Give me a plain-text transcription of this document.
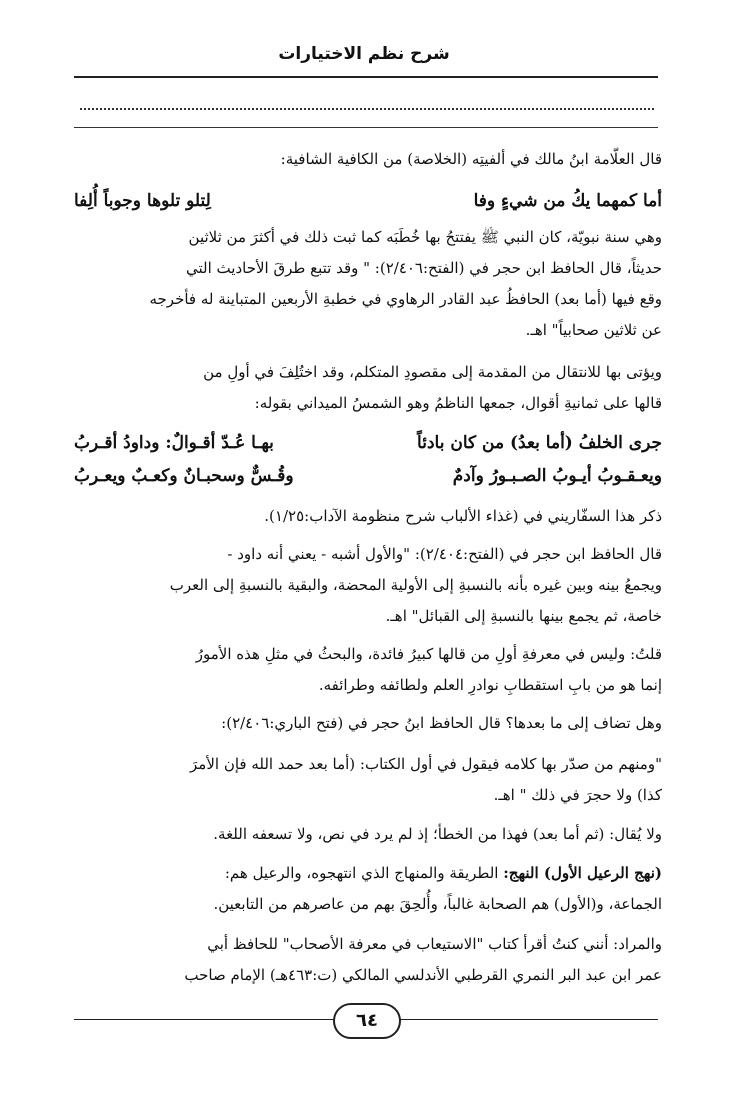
شرح نظم الاختيارات
قال العلّامة ابنُ مالك في ألفيتِه (الخلاصة) من الكافية الشافية:
أما كمهما يكُ من شيءٍ وفا
لِتلو تلوها وجوباً أُلِفا
وهي سنة نبويّة، كان النبي ﷺ يفتتحُ بها خُطَبَه كما ثبت ذلك في أكثرَ من ثلاثين
حديثاً، قال الحافظ ابن حجر في (الفتح:٢/٤٠٦): " وقد تتبع طرقَ الأحاديث التي
وقع فيها (أما بعد) الحافظُ عبد القادر الرهاوي في خطبةِ الأربعين المتباينة له فأخرجه
عن ثلاثين صحابياً" اهـ.
ويؤتى بها للانتقال من المقدمة إلى مقصودِ المتكلم، وقد اختُلِفَ في أولِ من
قالها على ثمانيةِ أقوال، جمعها الناظمُ وهو الشمسُ الميداني بقوله:
جرى الخلفُ (أما بعدُ) من كان بادئاً
بهـا عُـدّ أقـوالٌ: وداودُ أقـربُ
ويعـقـوبُ أيـوبُ الصـبـورُ وآدمٌ
وقُـسٌّ وسحبـانٌ وكعـبٌ ويعـربُ
ذكر هذا السفّاريني في (غذاء الألباب شرح منظومة الآداب:١/٢٥).
قال الحافظ ابن حجر في (الفتح:٢/٤٠٤): "والأول أشبه - يعني أنه داود -
ويجمعُ بينه وبين غيره بأنه بالنسبةِ إلى الأولية المحضة، والبقية بالنسبةِ إلى العرب
خاصة، ثم يجمع بينها بالنسبةِ إلى القبائل" اهـ.
قلتُ: وليس في معرفةِ أولِ من قالها كبيرُ فائدة، والبحثُ في مثلِ هذه الأمورُ
إنما هو من بابِ استقطابِ نوادرِ العلم ولطائفه وطرائفه.
وهل تضاف إلى ما بعدها؟ قال الحافظ ابنُ حجر في (فتح الباري:٢/٤٠٦):
"ومنهم من صدّر بها كلامه فيقول في أول الكتاب: (أما بعد حمد الله فإن الأمرَ
كذا) ولا حجرَ في ذلك " اهـ.
ولا يُقال: (ثم أما بعد) فهذا من الخطأ؛ إذ لم يرد في نص، ولا تسعفه اللغة.
(نهج الرعيل الأول) النهج: الطريقة والمنهاج الذي انتهجوه، والرعيل هم:
الجماعة، و(الأول) هم الصحابة غالباً، وأُلحِقَ بهم من عاصرهم من التابعين.
والمراد: أنني كنتُ أقرأ كتاب "الاستيعاب في معرفة الأصحاب" للحافظ أبي
عمر ابن عبد البر النمري القرطبي الأندلسي المالكي (ت:٤٦٣هـ) الإمام صاحب
٦٤
